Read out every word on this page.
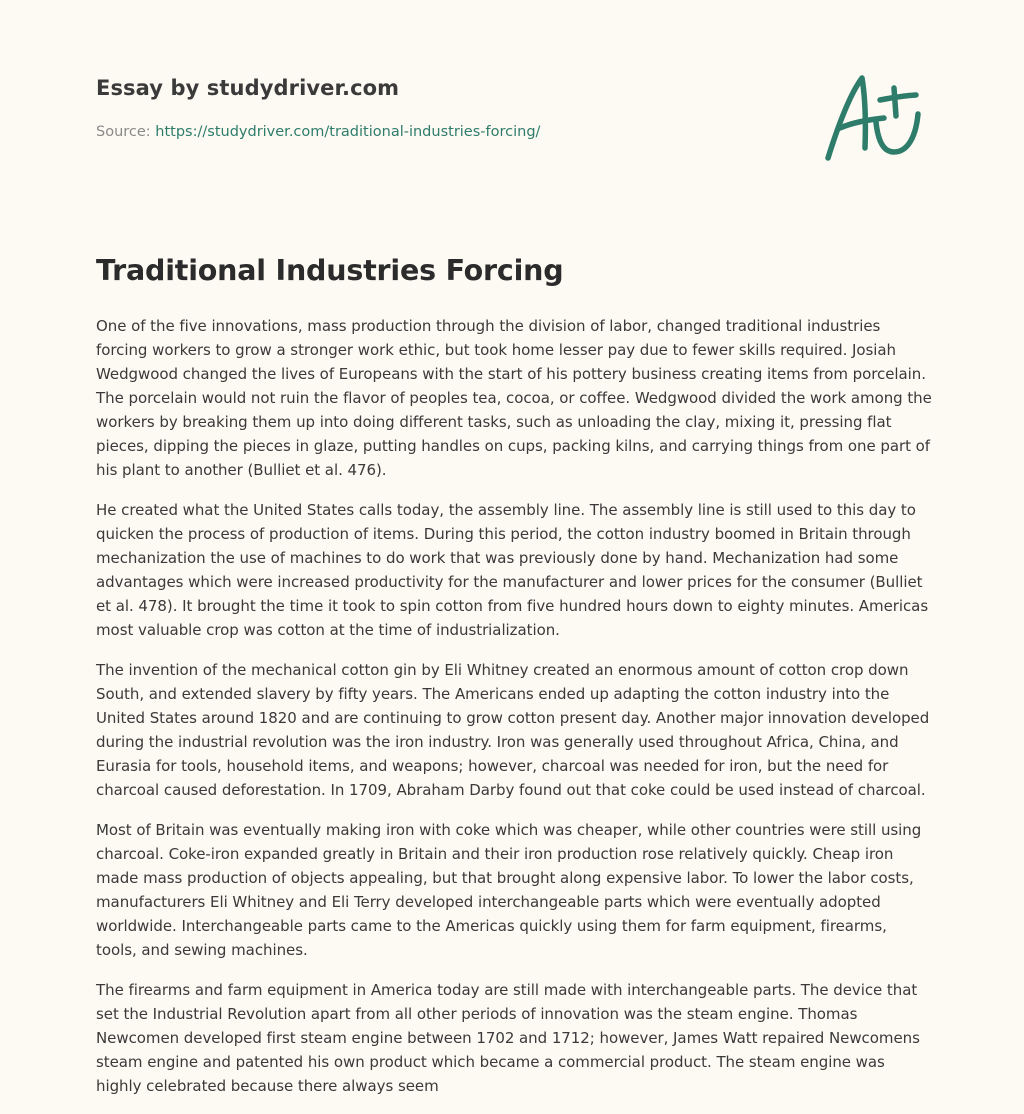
Essay by studydriver.com
Source: https://studydriver.com/traditional-industries-forcing/
Traditional Industries Forcing

One of the five innovations, mass production through the division of labor, changed traditional industries forcing workers to grow a stronger work ethic, but took home lesser pay due to fewer skills required. Josiah Wedgwood changed the lives of Europeans with the start of his pottery business creating items from porcelain. The porcelain would not ruin the flavor of peoples tea, cocoa, or coffee. Wedgwood divided the work among the workers by breaking them up into doing different tasks, such as unloading the clay, mixing it, pressing flat pieces, dipping the pieces in glaze, putting handles on cups, packing kilns, and carrying things from one part of his plant to another (Bulliet et al. 476).

He created what the United States calls today, the assembly line. The assembly line is still used to this day to quicken the process of production of items. During this period, the cotton industry boomed in Britain through mechanization the use of machines to do work that was previously done by hand. Mechanization had some advantages which were increased productivity for the manufacturer and lower prices for the consumer (Bulliet et al. 478). It brought the time it took to spin cotton from five hundred hours down to eighty minutes. Americas most valuable crop was cotton at the time of industrialization.

The invention of the mechanical cotton gin by Eli Whitney created an enormous amount of cotton crop down South, and extended slavery by fifty years. The Americans ended up adapting the cotton industry into the United States around 1820 and are continuing to grow cotton present day. Another major innovation developed during the industrial revolution was the iron industry. Iron was generally used throughout Africa, China, and Eurasia for tools, household items, and weapons; however, charcoal was needed for iron, but the need for charcoal caused deforestation. In 1709, Abraham Darby found out that coke could be used instead of charcoal.

Most of Britain was eventually making iron with coke which was cheaper, while other countries were still using charcoal. Coke-iron expanded greatly in Britain and their iron production rose relatively quickly. Cheap iron made mass production of objects appealing, but that brought along expensive labor. To lower the labor costs, manufacturers Eli Whitney and Eli Terry developed interchangeable parts which were eventually adopted worldwide. Interchangeable parts came to the Americas quickly using them for farm equipment, firearms, tools, and sewing machines.

The firearms and farm equipment in America today are still made with interchangeable parts. The device that set the Industrial Revolution apart from all other periods of innovation was the steam engine. Thomas Newcomen developed first steam engine between 1702 and 1712; however, James Watt repaired Newcomens steam engine and patented his own product which became a commercial product. The steam engine was highly celebrated because there always seem
